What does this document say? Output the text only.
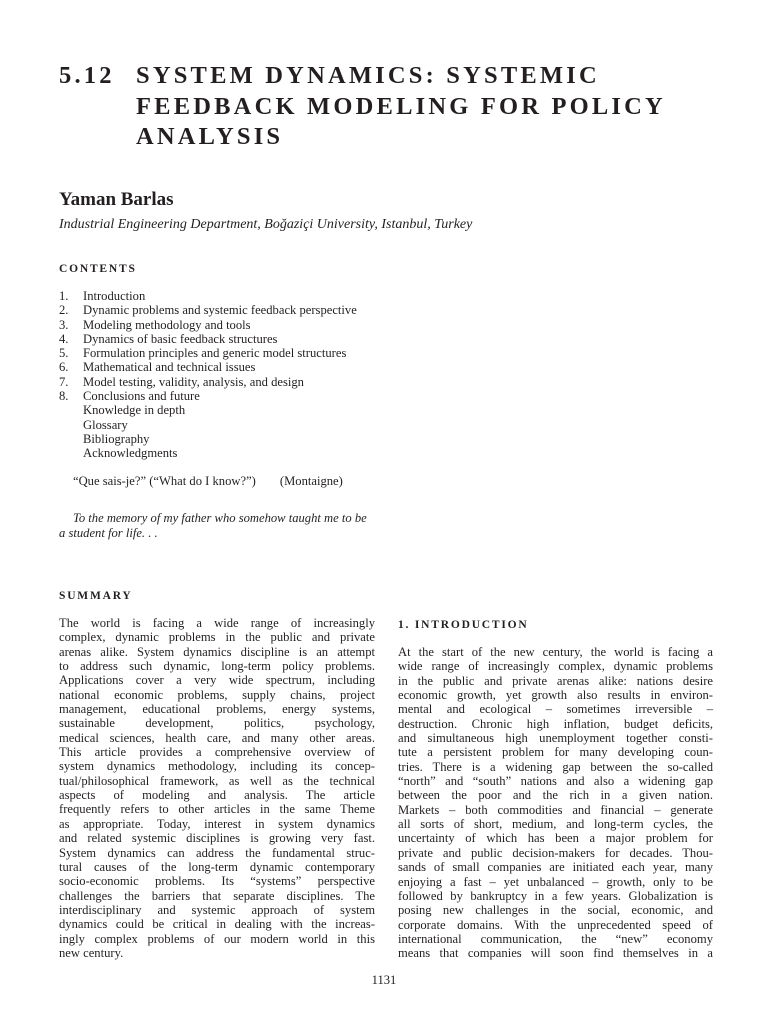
5.12 SYSTEM DYNAMICS: SYSTEMIC
FEEDBACK MODELING FOR POLICY
ANALYSIS
Yaman Barlas
Industrial Engineering Department, Boğaziçi University, Istanbul, Turkey
CONTENTS
1.	Introduction
2.	Dynamic problems and systemic feedback perspective
3.	Modeling methodology and tools
4.	Dynamics of basic feedback structures
5.	Formulation principles and generic model structures
6.	Mathematical and technical issues
7.	Model testing, validity, analysis, and design
8.	Conclusions and future
Knowledge in depth
Glossary
Bibliography
Acknowledgments
“Que sais-je?” (“What do I know?”) (Montaigne)
To the memory of my father who somehow taught me to be
a student for life. . .
SUMMARY
The world is facing a wide range of increasingly
complex, dynamic problems in the public and private
arenas alike. System dynamics discipline is an attempt
to address such dynamic, long-term policy problems.
Applications cover a very wide spectrum, including
national economic problems, supply chains, project
management, educational problems, energy systems,
sustainable development, politics, psychology,
medical sciences, health care, and many other areas.
This article provides a comprehensive overview of
system dynamics methodology, including its concep-
tual/philosophical framework, as well as the technical
aspects of modeling and analysis. The article
frequently refers to other articles in the same Theme
as appropriate. Today, interest in system dynamics
and related systemic disciplines is growing very fast.
System dynamics can address the fundamental struc-
tural causes of the long-term dynamic contemporary
socio-economic problems. Its “systems” perspective
challenges the barriers that separate disciplines. The
interdisciplinary and systemic approach of system
dynamics could be critical in dealing with the increas-
ingly complex problems of our modern world in this
new century.
1. INTRODUCTION
At the start of the new century, the world is facing a
wide range of increasingly complex, dynamic problems
in the public and private arenas alike: nations desire
economic growth, yet growth also results in environ-
mental and ecological – sometimes irreversible –
destruction. Chronic high inflation, budget deficits,
and simultaneous high unemployment together consti-
tute a persistent problem for many developing coun-
tries. There is a widening gap between the so-called
“north” and “south” nations and also a widening gap
between the poor and the rich in a given nation.
Markets – both commodities and financial – generate
all sorts of short, medium, and long-term cycles, the
uncertainty of which has been a major problem for
private and public decision-makers for decades. Thou-
sands of small companies are initiated each year, many
enjoying a fast – yet unbalanced – growth, only to be
followed by bankruptcy in a few years. Globalization is
posing new challenges in the social, economic, and
corporate domains. With the unprecedented speed of
international communication, the “new” economy
means that companies will soon find themselves in a
1131
